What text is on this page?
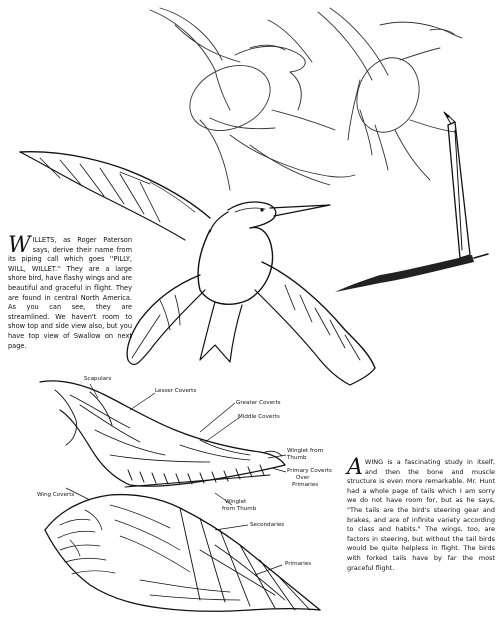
Scapulars
Lesser Coverts
Greater Coverts
Middle Coverts
Winglet from Thumb
Primary Coverts Over Primaries
Wing Coverts
Winglet from Thumb
Secondaries
Primaries
WILLETS, as Roger Paterson says, derive their name from its piping call which goes ''PILLY, WILL, WILLET.'' They are a large shore bird, have flashy wings and are beautiful and graceful in flight. They are found in central North America. As you can see, they are streamlined. We haven't room to show top and side view also, but you have top view of Swallow on next page.
AWING is a fascinating study in itself, and then the bone and muscle structure is even more remarkable. Mr. Hunt had a whole page of tails which I am sorry we do not have room for, but as he says, "The tails are the bird's steering gear and brakes, and are of infinite variety according to class and habits." The wings, too, are factors in steering, but without the tail birds would be quite helpless in flight. The birds with forked tails have by far the most graceful flight.
